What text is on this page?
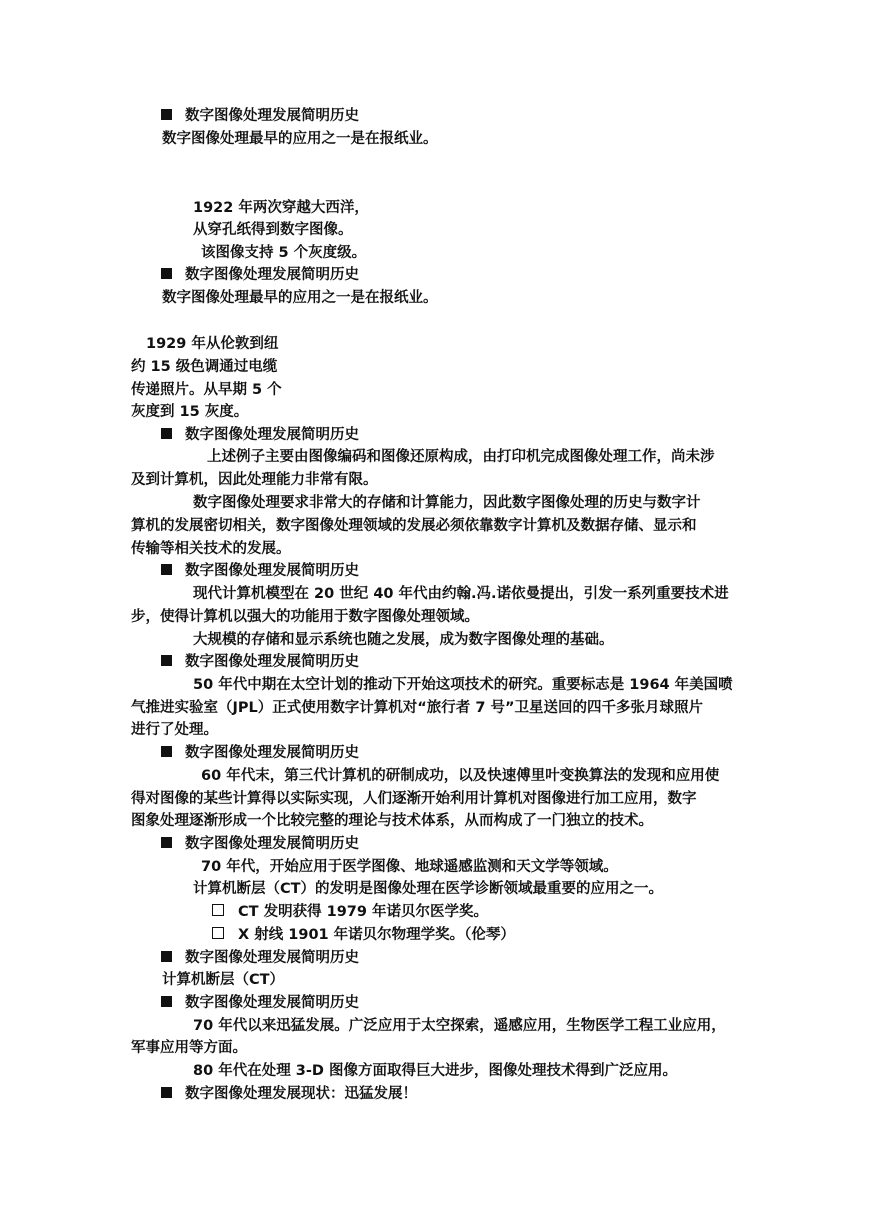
数字图像处理发展简明历史
数字图像处理最早的应用之一是在报纸业。
1922 年两次穿越大西洋，
从穿孔纸得到数字图像。
该图像支持 5 个灰度级。
数字图像处理发展简明历史
数字图像处理最早的应用之一是在报纸业。
1929 年从伦敦到纽
约 15 级色调通过电缆
传递照片。从早期 5 个
灰度到 15 灰度。
数字图像处理发展简明历史
上述例子主要由图像编码和图像还原构成，由打印机完成图像处理工作，尚未涉
及到计算机，因此处理能力非常有限。
数字图像处理要求非常大的存储和计算能力，因此数字图像处理的历史与数字计
算机的发展密切相关，数字图像处理领域的发展必须依靠数字计算机及数据存储、显示和
传输等相关技术的发展。
数字图像处理发展简明历史
现代计算机模型在 20 世纪 40 年代由约翰.冯.诺依曼提出，引发一系列重要技术进
步，使得计算机以强大的功能用于数字图像处理领域。
大规模的存储和显示系统也随之发展，成为数字图像处理的基础。
数字图像处理发展简明历史
50 年代中期在太空计划的推动下开始这项技术的研究。重要标志是 1964 年美国喷
气推进实验室（JPL）正式使用数字计算机对“旅行者 7 号”卫星送回的四千多张月球照片
进行了处理。
数字图像处理发展简明历史
60 年代末，第三代计算机的研制成功，以及快速傅里叶变换算法的发现和应用使
得对图像的某些计算得以实际实现，人们逐渐开始利用计算机对图像进行加工应用，数字
图象处理逐渐形成一个比较完整的理论与技术体系，从而构成了一门独立的技术。
数字图像处理发展简明历史
70 年代，开始应用于医学图像、地球遥感监测和天文学等领域。
计算机断层（CT）的发明是图像处理在医学诊断领域最重要的应用之一。
CT 发明获得 1979 年诺贝尔医学奖。
X 射线 1901 年诺贝尔物理学奖。（伦琴）
数字图像处理发展简明历史
计算机断层（CT）
数字图像处理发展简明历史
70 年代以来迅猛发展。广泛应用于太空探索，遥感应用，生物医学工程工业应用，
军事应用等方面。
80 年代在处理 3-D 图像方面取得巨大进步，图像处理技术得到广泛应用。
数字图像处理发展现状：迅猛发展！
